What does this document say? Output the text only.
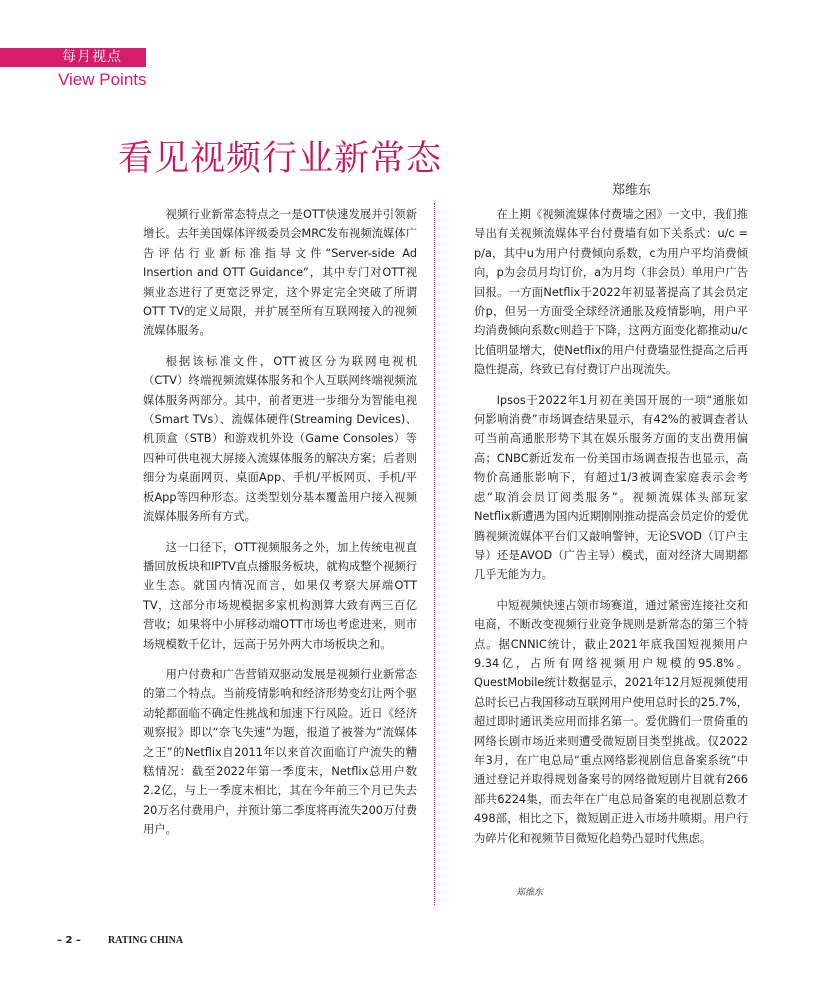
每月视点
View Points
看见视频行业新常态
郑维东

视频行业新常态特点之一是OTT快速发展并引领新增长。去年美国媒体评级委员会MRC发布视频流媒体广告评估行业新标准指导文件“Server-side Ad Insertion and OTT Guidance”，其中专门对OTT视频业态进行了更宽泛界定，这个界定完全突破了所谓OTT TV的定义局限，并扩展至所有互联网接入的视频流媒体服务。

根据该标准文件，OTT被区分为联网电视机（CTV）终端视频流媒体服务和个人互联网终端视频流媒体服务两部分。其中，前者更进一步细分为智能电视（Smart TVs）、流媒体硬件(Streaming Devices)、机顶盒（STB）和游戏机外设（Game Consoles）等四种可供电视大屏接入流媒体服务的解决方案；后者则细分为桌面网页、桌面App、手机/平板网页、手机/平板App等四种形态。这类型划分基本覆盖用户接入视频流媒体服务所有方式。

这一口径下，OTT视频服务之外，加上传统电视直播回放板块和IPTV直点播服务板块，就构成整个视频行业生态。就国内情况而言，如果仅考察大屏端OTT TV，这部分市场规模据多家机构测算大致有两三百亿营收；如果将中小屏移动端OTT市场也考虑进来，则市场规模数千亿计，远高于另外两大市场板块之和。

用户付费和广告营销双驱动发展是视频行业新常态的第二个特点。当前疫情影响和经济形势变幻让两个驱动轮都面临不确定性挑战和加速下行风险。近日《经济观察报》即以“奈飞失速”为题，报道了被誉为“流媒体之王”的Netflix自2011年以来首次面临订户流失的糟糕情况：截至2022年第一季度末，Netflix总用户数2.2亿，与上一季度末相比，其在今年前三个月已失去20万名付费用户，并预计第二季度将再流失200万付费用户。

在上期《视频流媒体付费墙之困》一文中，我们推导出有关视频流媒体平台付费墙有如下关系式：u/c = p/a，其中u为用户付费倾向系数，c为用户平均消费倾向，p为会员月均订价，a为月均（非会员）单用户广告回报。一方面Netflix于2022年初显著提高了其会员定价p，但另一方面受全球经济通胀及疫情影响，用户平均消费倾向系数c则趋于下降，这两方面变化都推动u/c比值明显增大，使Netflix的用户付费墙显性提高之后再隐性提高，终致已有付费订户出现流失。

Ipsos于2022年1月初在美国开展的一项“通胀如何影响消费”市场调查结果显示，有42%的被调查者认可当前高通胀形势下其在娱乐服务方面的支出费用偏高；CNBC新近发布一份美国市场调查报告也显示，高物价高通胀影响下，有超过1/3被调查家庭表示会考虑“取消会员订阅类服务”。视频流媒体头部玩家Netflix新遭遇为国内近期刚刚推动提高会员定价的爱优腾视频流媒体平台们又敲响警钟，无论SVOD（订户主导）还是AVOD（广告主导）模式，面对经济大周期都几乎无能为力。

中短视频快速占领市场赛道，通过紧密连接社交和电商，不断改变视频行业竞争规则是新常态的第三个特点。据CNNIC统计，截止2021年底我国短视频用户9.34亿，占所有网络视频用户规模的95.8%。QuestMobile统计数据显示，2021年12月短视频使用总时长已占我国移动互联网用户使用总时长的25.7%，超过即时通讯类应用而排名第一。爱优腾们一贯倚重的网络长剧市场近来则遭受微短剧目类型挑战。仅2022年3月，在广电总局“重点网络影视剧信息备案系统”中通过登记并取得规划备案号的网络微短剧片目就有266部共6224集，而去年在广电总局备案的电视剧总数才498部，相比之下，微短剧正进入市场井喷期。用户行为碎片化和视频节目微短化趋势凸显时代焦虑。

郑维东
– 2 –	RATING CHINA
